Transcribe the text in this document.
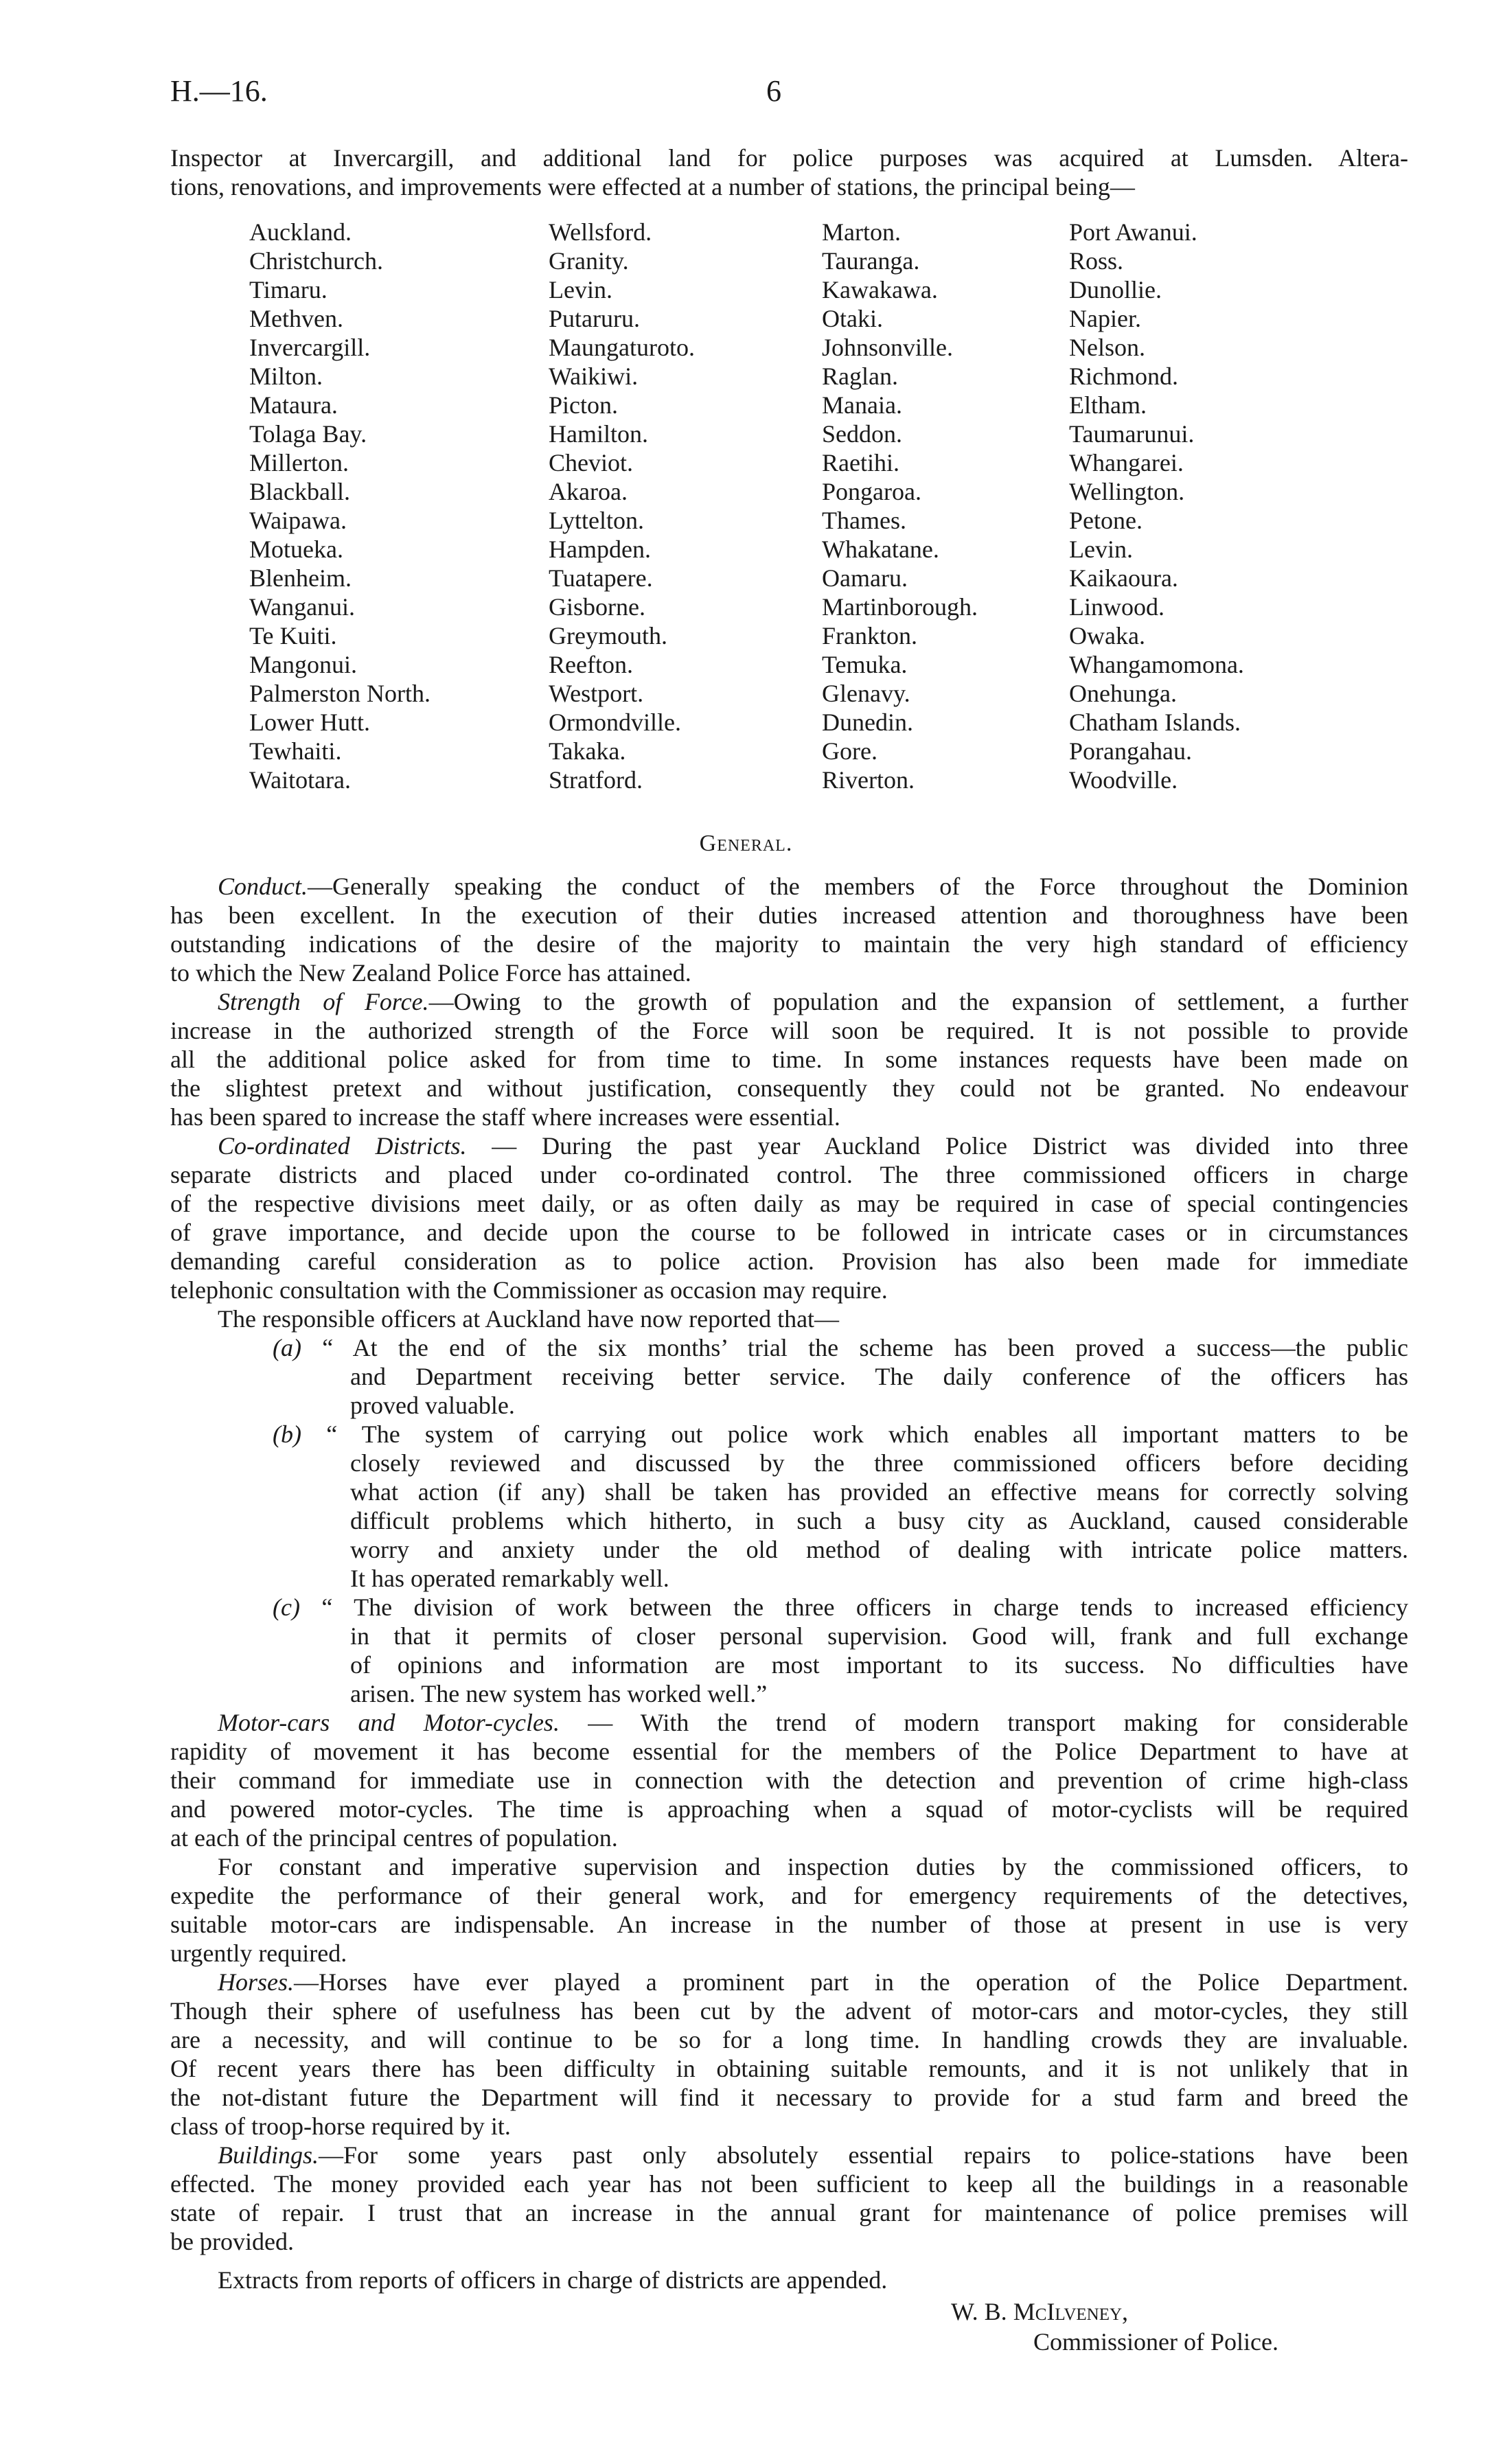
H.—16.	6
Inspector at Invercargill, and additional land for police purposes was acquired at Lumsden. Altera-
tions, renovations, and improvements were effected at a number of stations, the principal being—
Auckland.
Christchurch.
Timaru.
Methven.
Invercargill.
Milton.
Mataura.
Tolaga Bay.
Millerton.
Blackball.
Waipawa.
Motueka.
Blenheim.
Wanganui.
Te Kuiti.
Mangonui.
Palmerston North.
Lower Hutt.
Tewhaiti.
Waitotara.
Wellsford.
Granity.
Levin.
Putaruru.
Maungaturoto.
Waikiwi.
Picton.
Hamilton.
Cheviot.
Akaroa.
Lyttelton.
Hampden.
Tuatapere.
Gisborne.
Greymouth.
Reefton.
Westport.
Ormondville.
Takaka.
Stratford.
Marton.
Tauranga.
Kawakawa.
Otaki.
Johnsonville.
Raglan.
Manaia.
Seddon.
Raetihi.
Pongaroa.
Thames.
Whakatane.
Oamaru.
Martinborough.
Frankton.
Temuka.
Glenavy.
Dunedin.
Gore.
Riverton.
Port Awanui.
Ross.
Dunollie.
Napier.
Nelson.
Richmond.
Eltham.
Taumarunui.
Whangarei.
Wellington.
Petone.
Levin.
Kaikaoura.
Linwood.
Owaka.
Whangamomona.
Onehunga.
Chatham Islands.
Porangahau.
Woodville.
General.
Conduct.—Generally speaking the conduct of the members of the Force throughout the Dominion
has been excellent. In the execution of their duties increased attention and thoroughness have been
outstanding indications of the desire of the majority to maintain the very high standard of efficiency
to which the New Zealand Police Force has attained.
Strength of Force.—Owing to the growth of population and the expansion of settlement, a further
increase in the authorized strength of the Force will soon be required. It is not possible to provide
all the additional police asked for from time to time. In some instances requests have been made on
the slightest pretext and without justification, consequently they could not be granted. No endeavour
has been spared to increase the staff where increases were essential.
Co-ordinated Districts. — During the past year Auckland Police District was divided into three
separate districts and placed under co-ordinated control. The three commissioned officers in charge
of the respective divisions meet daily, or as often daily as may be required in case of special contingencies
of grave importance, and decide upon the course to be followed in intricate cases or in circumstances
demanding careful consideration as to police action. Provision has also been made for immediate
telephonic consultation with the Commissioner as occasion may require.
The responsible officers at Auckland have now reported that—
(a) “ At the end of the six months’ trial the scheme has been proved a success—the public
and Department receiving better service. The daily conference of the officers has
proved valuable.
(b) “ The system of carrying out police work which enables all important matters to be
closely reviewed and discussed by the three commissioned officers before deciding
what action (if any) shall be taken has provided an effective means for correctly solving
difficult problems which hitherto, in such a busy city as Auckland, caused considerable
worry and anxiety under the old method of dealing with intricate police matters.
It has operated remarkably well.
(c) “ The division of work between the three officers in charge tends to increased efficiency
in that it permits of closer personal supervision. Good will, frank and full exchange
of opinions and information are most important to its success. No difficulties have
arisen. The new system has worked well.”
Motor-cars and Motor-cycles. — With the trend of modern transport making for considerable
rapidity of movement it has become essential for the members of the Police Department to have at
their command for immediate use in connection with the detection and prevention of crime high-class
and powered motor-cycles. The time is approaching when a squad of motor-cyclists will be required
at each of the principal centres of population.
For constant and imperative supervision and inspection duties by the commissioned officers, to
expedite the performance of their general work, and for emergency requirements of the detectives,
suitable motor-cars are indispensable. An increase in the number of those at present in use is very
urgently required.
Horses.—Horses have ever played a prominent part in the operation of the Police Department.
Though their sphere of usefulness has been cut by the advent of motor-cars and motor-cycles, they still
are a necessity, and will continue to be so for a long time. In handling crowds they are invaluable.
Of recent years there has been difficulty in obtaining suitable remounts, and it is not unlikely that in
the not-distant future the Department will find it necessary to provide for a stud farm and breed the
class of troop-horse required by it.
Buildings.—For some years past only absolutely essential repairs to police-stations have been
effected. The money provided each year has not been sufficient to keep all the buildings in a reasonable
state of repair. I trust that an increase in the annual grant for maintenance of police premises will
be provided.
Extracts from reports of officers in charge of districts are appended.
W. B. McIlveney,
Commissioner of Police.
